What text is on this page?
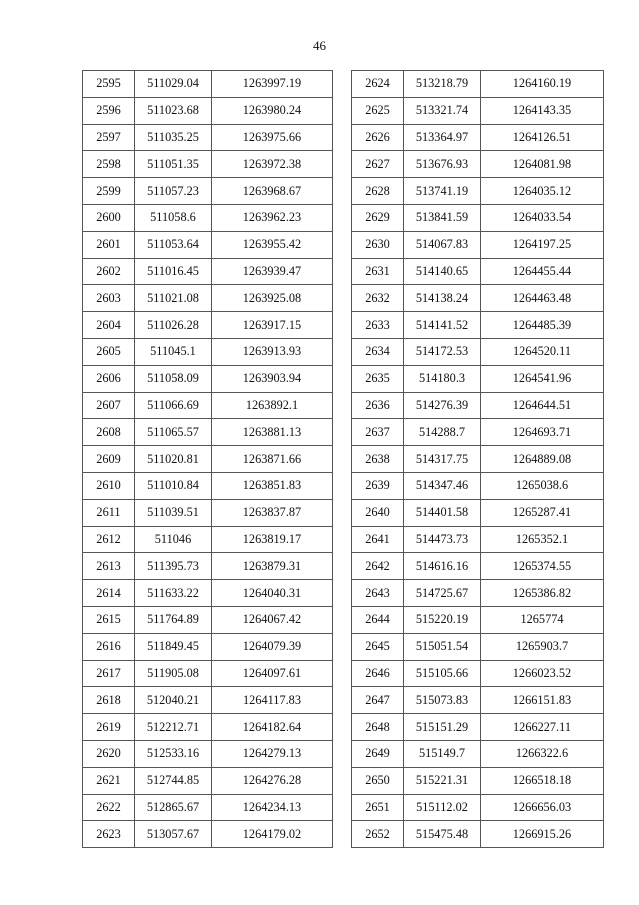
46
2595	511029.04	1263997.19
2596	511023.68	1263980.24
2597	511035.25	1263975.66
2598	511051.35	1263972.38
2599	511057.23	1263968.67
2600	511058.6	1263962.23
2601	511053.64	1263955.42
2602	511016.45	1263939.47
2603	511021.08	1263925.08
2604	511026.28	1263917.15
2605	511045.1	1263913.93
2606	511058.09	1263903.94
2607	511066.69	1263892.1
2608	511065.57	1263881.13
2609	511020.81	1263871.66
2610	511010.84	1263851.83
2611	511039.51	1263837.87
2612	511046	1263819.17
2613	511395.73	1263879.31
2614	511633.22	1264040.31
2615	511764.89	1264067.42
2616	511849.45	1264079.39
2617	511905.08	1264097.61
2618	512040.21	1264117.83
2619	512212.71	1264182.64
2620	512533.16	1264279.13
2621	512744.85	1264276.28
2622	512865.67	1264234.13
2623	513057.67	1264179.02
2624	513218.79	1264160.19
2625	513321.74	1264143.35
2626	513364.97	1264126.51
2627	513676.93	1264081.98
2628	513741.19	1264035.12
2629	513841.59	1264033.54
2630	514067.83	1264197.25
2631	514140.65	1264455.44
2632	514138.24	1264463.48
2633	514141.52	1264485.39
2634	514172.53	1264520.11
2635	514180.3	1264541.96
2636	514276.39	1264644.51
2637	514288.7	1264693.71
2638	514317.75	1264889.08
2639	514347.46	1265038.6
2640	514401.58	1265287.41
2641	514473.73	1265352.1
2642	514616.16	1265374.55
2643	514725.67	1265386.82
2644	515220.19	1265774
2645	515051.54	1265903.7
2646	515105.66	1266023.52
2647	515073.83	1266151.83
2648	515151.29	1266227.11
2649	515149.7	1266322.6
2650	515221.31	1266518.18
2651	515112.02	1266656.03
2652	515475.48	1266915.26
